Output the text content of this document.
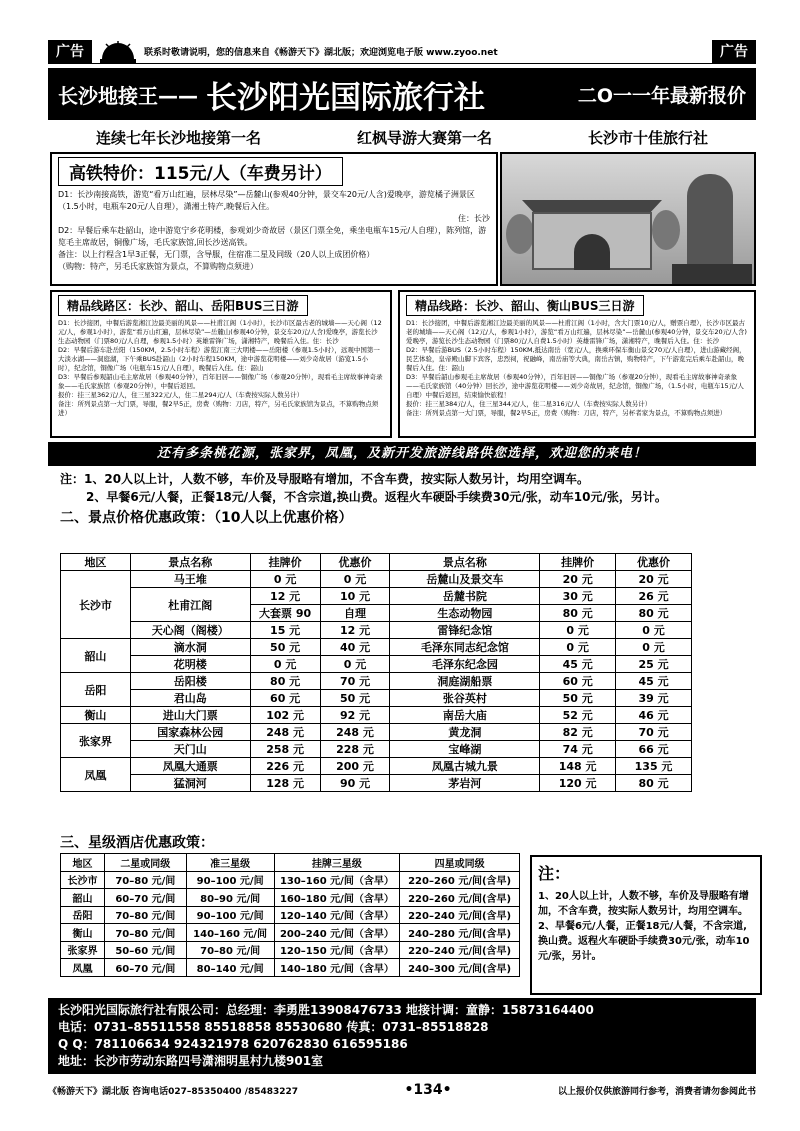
广告	联系时敬请说明，您的信息来自《畅游天下》湖北版；欢迎浏览电子版 www.zyoo.net	广告
长沙地接王—— 长沙阳光国际旅行社	二O一一年最新报价
连续七年长沙地接第一名	红枫导游大赛第一名	长沙市十佳旅行社
高铁特价：115元/人（车费另计）

D1：长沙南接高铁，游览“看万山红遍，层林尽染”—岳麓山(参观40分钟，景交车20元/人含)爱晚亭，游览橘子洲景区（1.5小时，电瓶车20元/人自理），潇湘土特产,晚餐后入住。

住：长沙

D2：早餐后乘车赴韶山，途中游览宁乡花明楼，参观刘少奇故居（景区门票全免，乘坐电瓶车15元/人自理），陈列馆，游览毛主席故居，铜像广场，毛氏家族馆,回长沙送高铁。

备注：以上行程含1早3正餐，无门票，含导服，住宿准二星及同级（20人以上成团价格）

（购物：特产，另毛氏家族馆为景点，不算购物点须进）

精品线路区：长沙、韶山、岳阳BUS三日游

D1：长沙接团，中餐后游览湘江边最美丽的风景——杜甫江阁（1小时），长沙市区最古老的城墙——天心阁（12元/人，参观1小时），游览“看万山红遍，层林尽染”—岳麓山(参观40分钟，景交车20元/人含)爱晚亭，游览长沙生态动物园（门票80元/人自理，参观1.5小时）英雄雷锋广场，潇湘特产，晚餐后入住。住：长沙

D2：早餐后游车赴岳阳（150KM，2.5小时车程）游览江南三大明楼——岳阳楼（参观1.5小时），远观中国第一大淡水湖——洞庭湖，下午乘BUS赴韶山（2小时车程150KM，途中游览花明楼——刘少奇故居（游览1.5小时），纪念馆，铜像广场（电瓶车15元/人自理），晚餐后入住。住：韶山

D3：早餐后参观韶山毛主席故居（参观40分钟），百年旧居——铜像广场（参观20分钟），现看毛主席故事神奇录象——毛氏家族馆（参观20分钟），中餐后返回。

报价：挂三星362元/人，住三星322元/人，住二星294元/人（车费按实际人数另计）

备注：所列景点第一大门票，导服，餐2早5正，房费（购物：刀店，特产，另毛氏家族馆为景点，不算购物点须进）

精品线路：长沙、韶山、衡山BUS三日游

D1：长沙接团，中餐后游览湘江边最美丽的风景——杜甫江阁（1小时，含大门票10元/人，赠票自理），长沙市区最古老的城墙——天心阁（12元/人，参观1小时），游览“看万山红遍，层林尽染”—岳麓山(参观40分钟，景交车20元/人含)爱晚亭，游览长沙生态动物园（门票80元/人自费1.5小时）英雄雷锋广场，潇湘特产，晚餐后入住。住：长沙

D2：早餐后游BUS（2.5小时车程）150KM,抵达南岳（宽元/人，换乘环保车衡山景交70元/人自理），进山游藏经阁，民艺体验，皇帝殿山脚下宾客，忠烈祠，祝融峰，南岳庙等大典，南岳古镇，购物特产，下午游览完后乘车赴韶山，晚餐后入住。住：韶山

D3：早餐后韶山参观毛主席故居（参观40分钟），百年旧居——铜像广场（参观20分钟），现看毛主席故事神奇录象——毛氏家族馆（40分钟）回长沙，途中游览花明楼——刘少奇故居，纪念馆，铜像广场，（1.5小时，电瓶车15元/人自理）中餐后返回，结束愉快旅程！

报价：挂三星384元/人，住三星344元/人，住二星316元/人（车费按实际人数另计）

备注：所列景点第一大门票，导服，餐2早5正，房费（购物：刀店，特产，另杯者家为景点，不算购物点须进）

还有多条桃花源，张家界，凤凰，及新开发旅游线路供您选择，欢迎您的来电！
注：1、20人以上计，人数不够，车价及导服略有增加，不含车费，按实际人数另计，均用空调车。
2、早餐6元/人餐，正餐18元/人餐，不含宗道,换山费。返程火车硬卧手续费30元/张，动车10元/张，另计。
二、景点价格优惠政策：（10人以上优惠价格）
地区	景点名称	挂牌价	优惠价	景点名称	挂牌价	优惠价
长沙市	马王堆	0 元	0 元	岳麓山及景交车	20 元	20 元
	杜甫江阁	12 元	10 元	岳麓书院	30 元	26 元
		大套票 90	自理	生态动物园	80 元	80 元
	天心阁（阁楼）	15 元	12 元	雷锋纪念馆	0 元	0 元
韶山	滴水洞	50 元	40 元	毛泽东同志纪念馆	0 元	0 元
	花明楼	0 元	0 元	毛泽东纪念园	45 元	25 元
岳阳	岳阳楼	80 元	70 元	洞庭湖船票	60 元	45 元
	君山岛	60 元	50 元	张谷英村	50 元	39 元
衡山	进山大门票	102 元	92 元	南岳大庙	52 元	46 元
张家界	国家森林公园	248 元	248 元	黄龙洞	82 元	70 元
	天门山	258 元	228 元	宝峰湖	74 元	66 元
凤凰	凤凰大通票	226 元	200 元	凤凰古城九景	148 元	135 元
	猛洞河	128 元	90 元	茅岩河	120 元	80 元
三、星级酒店优惠政策：
地区	二星或同级	准三星级	挂牌三星级	四星或同级
长沙市	70–80 元/间	90–100 元/间	130–160 元/间（含早）	220–260 元/间(含早)
韶山	60–70 元/间	80–90 元/间	160–180 元/间（含早）	220–260 元/间(含早)
岳阳	70–80 元/间	90–100 元/间	120–140 元/间（含早）	220–240 元/间(含早)
衡山	70–80 元/间	140–160 元/间	200–240 元/间（含早）	240–280 元/间(含早)
张家界	50–60 元/间	70–80 元/间	120–150 元/间（含早）	220–240 元/间(含早)
凤凰	60–70 元/间	80–140 元/间	140–180 元/间（含早）	240–300 元/间(含早)
注：

1、20人以上计，人数不够，车价及导服略有增加，不含车费，按实际人数另计，均用空调车。 2、早餐6元/人餐，正餐18元/人餐，不含宗道,换山费。返程火车硬卧手续费30元/张，动车10元/张，另计。

长沙阳光国际旅行社有限公司：总经理：李勇胜13908476733 地接计调：童静：15873164400
电话：0731–85511558 85518858 85530680 传真：0731–85518828
Q Q：781106634 924321978 620762830 616595186
地址：长沙市劳动东路四号潇湘明星村九楼901室
《畅游天下》湖北版 咨询电话027–85350400 /85483227	•134•	以上报价仅供旅游同行参考，消费者请勿参阅此书
